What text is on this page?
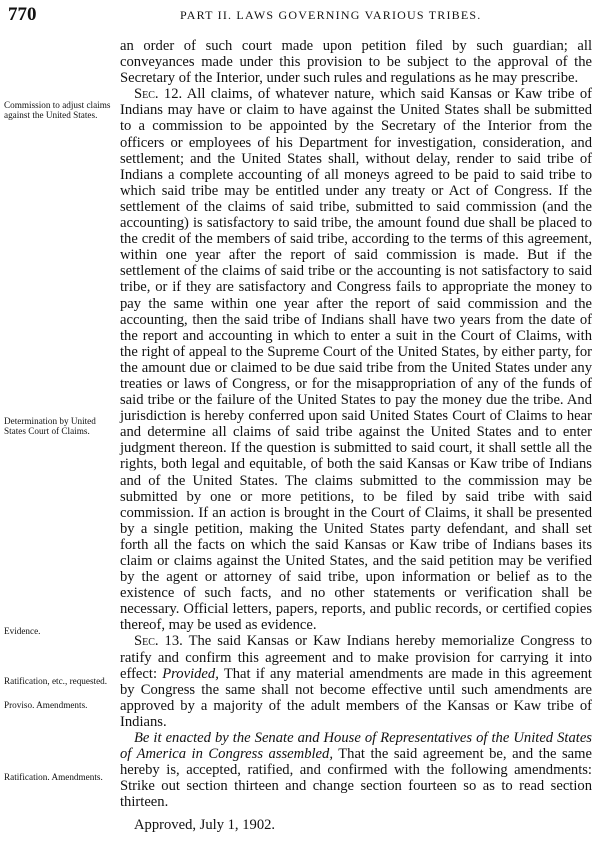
770	PART II. LAWS GOVERNING VARIOUS TRIBES.
Commission to adjust claims against the United States.
Determination by United States Court of Claims.
Evidence.
Ratification, etc., requested.
Proviso. Amendments.
Ratification. Amendments.

an order of such court made upon petition filed by such guardian; all conveyances made under this provision to be subject to the approval of the Secretary of the Interior, under such rules and regulations as he may prescribe.

Sec. 12. All claims, of whatever nature, which said Kansas or Kaw tribe of Indians may have or claim to have against the United States shall be submitted to a commission to be appointed by the Secretary of the Interior from the officers or employees of his Department for investigation, consideration, and settlement; and the United States shall, without delay, render to said tribe of Indians a complete accounting of all moneys agreed to be paid to said tribe to which said tribe may be entitled under any treaty or Act of Congress. If the settlement of the claims of said tribe, submitted to said commission (and the accounting) is satisfactory to said tribe, the amount found due shall be placed to the credit of the members of said tribe, according to the terms of this agreement, within one year after the report of said commission is made. But if the settlement of the claims of said tribe or the accounting is not satisfactory to said tribe, or if they are satisfactory and Congress fails to appropriate the money to pay the same within one year after the report of said commission and the accounting, then the said tribe of Indians shall have two years from the date of the report and accounting in which to enter a suit in the Court of Claims, with the right of appeal to the Supreme Court of the United States, by either party, for the amount due or claimed to be due said tribe from the United States under any treaties or laws of Congress, or for the misappropriation of any of the funds of said tribe or the failure of the United States to pay the money due the tribe. And jurisdiction is hereby conferred upon said United States Court of Claims to hear and determine all claims of said tribe against the United States and to enter judgment thereon. If the question is submitted to said court, it shall settle all the rights, both legal and equitable, of both the said Kansas or Kaw tribe of Indians and of the United States. The claims submitted to the commission may be submitted by one or more petitions, to be filed by said tribe with said commission. If an action is brought in the Court of Claims, it shall be presented by a single petition, making the United States party defendant, and shall set forth all the facts on which the said Kansas or Kaw tribe of Indians bases its claim or claims against the United States, and the said petition may be verified by the agent or attorney of said tribe, upon information or belief as to the existence of such facts, and no other statements or verification shall be necessary. Official letters, papers, reports, and public records, or certified copies thereof, may be used as evidence.

Sec. 13. The said Kansas or Kaw Indians hereby memorialize Congress to ratify and confirm this agreement and to make provision for carrying it into effect: Provided, That if any material amendments are made in this agreement by Congress the same shall not become effective until such amendments are approved by a majority of the adult members of the Kansas or Kaw tribe of Indians.

Be it enacted by the Senate and House of Representatives of the United States of America in Congress assembled, That the said agreement be, and the same hereby is, accepted, ratified, and confirmed with the following amendments: Strike out section thirteen and change section fourteen so as to read section thirteen.

Approved, July 1, 1902.
